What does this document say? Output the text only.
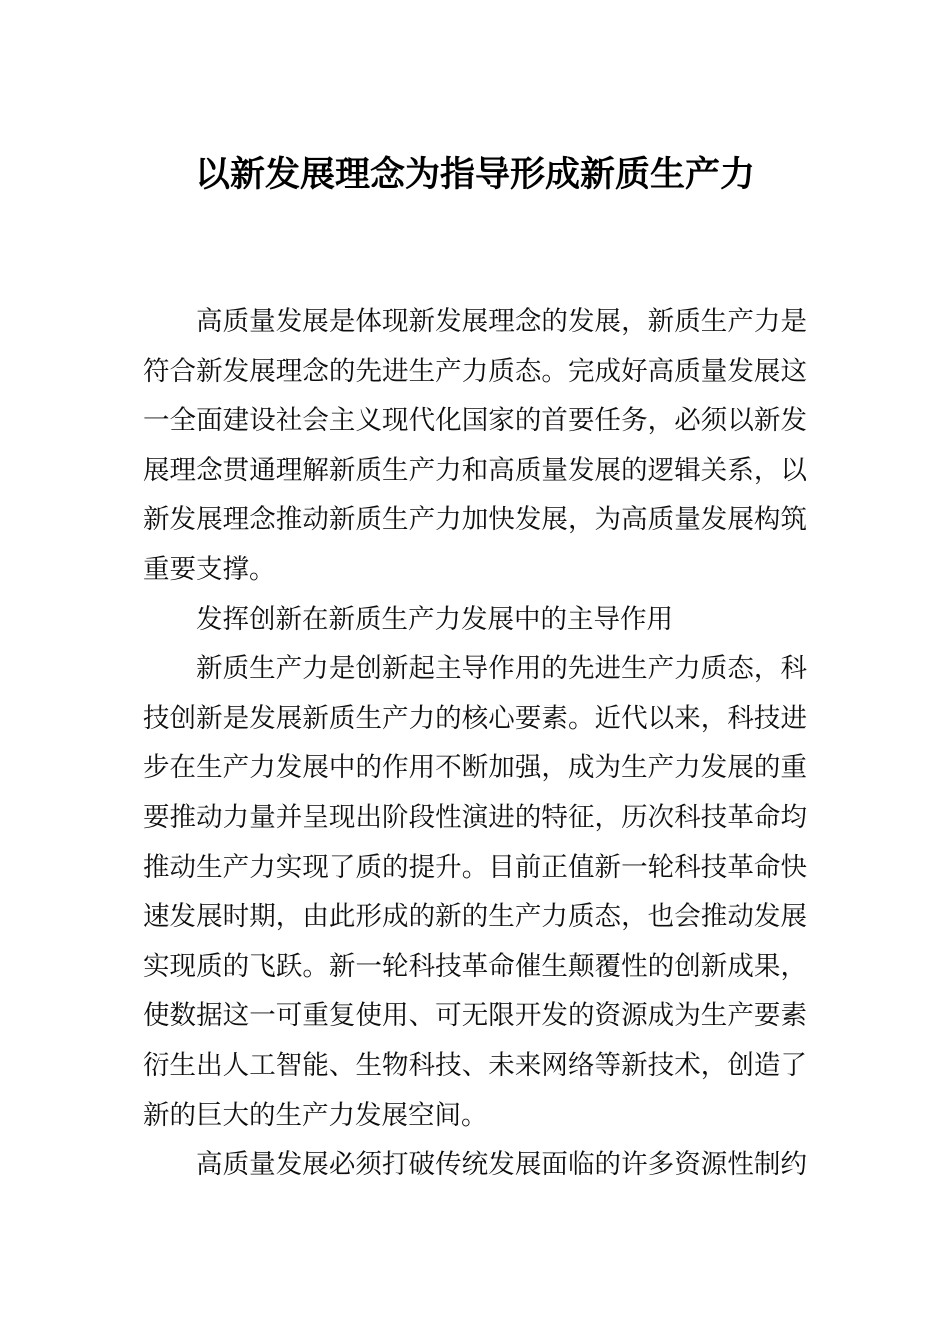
以新发展理念为指导形成新质生产力
高质量发展是体现新发展理念的发展，新质生产力是
符合新发展理念的先进生产力质态。完成好高质量发展这
一全面建设社会主义现代化国家的首要任务，必须以新发
展理念贯通理解新质生产力和高质量发展的逻辑关系，以
新发展理念推动新质生产力加快发展，为高质量发展构筑
重要支撑。
发挥创新在新质生产力发展中的主导作用
新质生产力是创新起主导作用的先进生产力质态，科
技创新是发展新质生产力的核心要素。近代以来，科技进
步在生产力发展中的作用不断加强，成为生产力发展的重
要推动力量并呈现出阶段性演进的特征，历次科技革命均
推动生产力实现了质的提升。目前正值新一轮科技革命快
速发展时期，由此形成的新的生产力质态，也会推动发展
实现质的飞跃。新一轮科技革命催生颠覆性的创新成果，
使数据这一可重复使用、可无限开发的资源成为生产要素
衍生出人工智能、生物科技、未来网络等新技术，创造了
新的巨大的生产力发展空间。
高质量发展必须打破传统发展面临的许多资源性制约
